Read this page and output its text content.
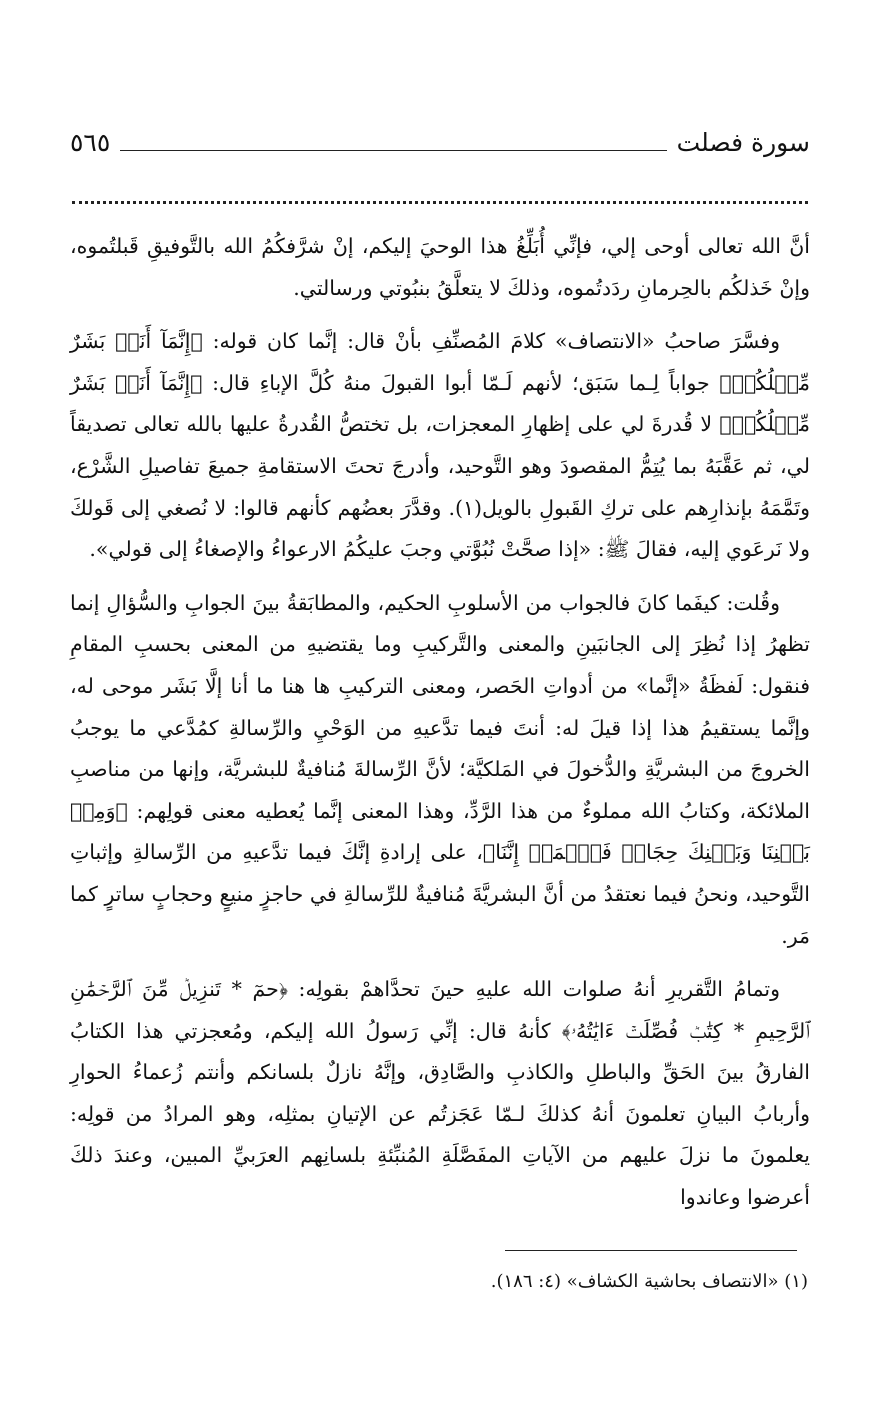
سورة فصلت
٥٦٥

أنَّ الله تعالى أوحى إلي، فإنِّي أُبَلِّغُ هذا الوحيَ إليكم، إنْ شرَّفكُمُ الله بالتَّوفيقِ قَبلتُموه، وإنْ خَذلكُم بالحِرمانِ ردَدتُموه، وذلكَ لا يتعلَّقُ بنبُوتي ورسالتي.

وفسَّرَ صاحبُ «الانتصاف» كلامَ المُصنِّفِ بأنْ قال: إنَّما كان قوله: ﴿إِنَّمَآ أَنَا۠ بَشَرٌ مِّثۡلُكُمۡ﴾ جواباً لِـما سَبَق؛ لأنهم لَـمّا أبوا القبولَ منهُ كُلَّ الإباءِ قال: ﴿إِنَّمَآ أَنَا۠ بَشَرٌ مِّثۡلُكُمۡ﴾ لا قُدرةَ لي على إظهارِ المعجزات، بل تختصُّ القُدرةُ عليها بالله تعالى تصديقاً لي، ثم عَقَّبَهُ بما يُتِمُّ المقصودَ وهو التَّوحيد، وأدرجَ تحتَ الاستقامةِ جميعَ تفاصيلِ الشَّرْع، وتَمَّمَهُ بإنذارِهم على تركِ القَبولِ بالويل(١). وقدَّرَ بعضُهم كأنهم قالوا: لا نُصغي إلى قَولكَ ولا نَرعَوي إليه، فقالَ ﷺ: «إذا صحَّتْ نُبُوَّتي وجبَ عليكُمُ الارعواءُ والإصغاءُ إلى قولي».

وقُلت: كيفَما كانَ فالجواب من الأسلوبِ الحكيم، والمطابَقةُ بينَ الجوابِ والسُّؤالِ إنما تظهرُ إذا نُظِرَ إلى الجانبَينِ والمعنى والتَّركيبِ وما يقتضيهِ من المعنى بحسبِ المقامِ فنقول: لَفظَةُ «إنَّما» من أدواتِ الحَصر، ومعنى التركيبِ ها هنا ما أنا إلَّا بَشَر موحى له، وإنَّما يستقيمُ هذا إذا قيلَ له: أنتَ فيما تدَّعيهِ من الوَحْيِ والرِّسالةِ كمُدَّعي ما يوجبُ الخروجَ من البشريَّةِ والدُّخولَ في المَلكيَّة؛ لأنَّ الرِّسالةَ مُنافيةٌ للبشريَّة، وإنها من مناصبِ الملائكة، وكتابُ الله مملوءٌ من هذا الرَّدِّ، وهذا المعنى إنَّما يُعطيه معنى قولِهم: ﴿وَمِنۢ بَيۡنِنَا وَبَيۡنِكَ حِجَابٞ فَٱعۡمَلۡ إِنَّنَا﴾، على إرادةِ إنَّكَ فيما تدَّعيهِ من الرِّسالةِ وإثباتِ التَّوحيد، ونحنُ فيما نعتقدُ من أنَّ البشريَّةَ مُنافيةٌ للرِّسالةِ في حاجزٍ منيعٍ وحجابٍ ساترٍ كما مَر.

وتمامُ التَّقريرِ أنهُ صلوات الله عليهِ حينَ تحدَّاهمْ بقولِه: ﴿حمٓ * تَنزِيلٞ مِّنَ ٱلرَّحۡمَٰنِ ٱلرَّحِيمِ * كِتَٰبٞ فُصِّلَتۡ ءَايَٰتُهُۥ﴾ كأنهُ قال: إنِّي رَسولُ الله إليكم، ومُعجزتي هذا الكتابُ الفارقُ بينَ الحَقِّ والباطلِ والكاذبِ والصَّادِق، وإنَّهُ نازلٌ بلسانكم وأنتم زُعماءُ الحوارِ وأربابُ البيانِ تعلمونَ أنهُ كذلكَ لـمّا عَجَزتُم عن الإتيانِ بمثلِه، وهو المرادُ من قولِه: يعلمونَ ما نزلَ عليهم من الآياتِ المفَصَّلَةِ المُنبِّئةِ بلسانِهم العرَبيِّ المبين، وعندَ ذلكَ أعرضوا وعاندوا

(١) «الانتصاف بحاشية الكشاف» (٤: ١٨٦).
